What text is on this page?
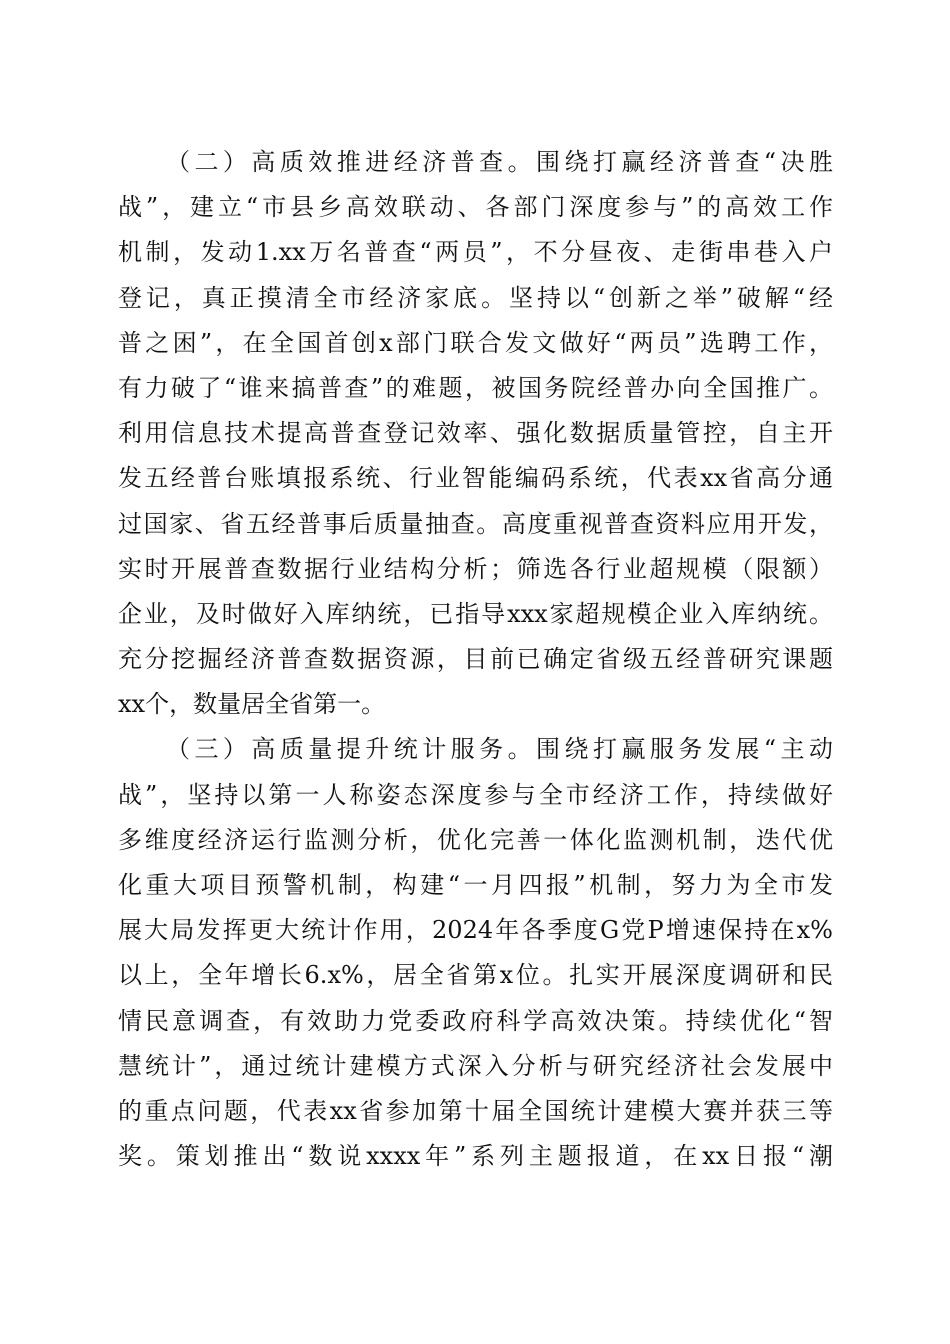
（二）高质效推进经济普查。围绕打赢经济普查“决胜
战”，建立“市县乡高效联动、各部门深度参与”的高效工作
机制，发动1.xx万名普查“两员”，不分昼夜、走街串巷入户
登记，真正摸清全市经济家底。坚持以“创新之举”破解“经
普之困”，在全国首创x部门联合发文做好“两员”选聘工作，
有力破了“谁来搞普查”的难题，被国务院经普办向全国推广。
利用信息技术提高普查登记效率、强化数据质量管控，自主开
发五经普台账填报系统、行业智能编码系统，代表xx省高分通
过国家、省五经普事后质量抽查。高度重视普查资料应用开发，
实时开展普查数据行业结构分析；筛选各行业超规模（限额）
企业，及时做好入库纳统，已指导xxx家超规模企业入库纳统。
充分挖掘经济普查数据资源，目前已确定省级五经普研究课题
xx个，数量居全省第一。
（三）高质量提升统计服务。围绕打赢服务发展“主动
战”，坚持以第一人称姿态深度参与全市经济工作，持续做好
多维度经济运行监测分析，优化完善一体化监测机制，迭代优
化重大项目预警机制，构建“一月四报”机制，努力为全市发
展大局发挥更大统计作用，2024年各季度G党P增速保持在x%
以上，全年增长6.x%，居全省第x位。扎实开展深度调研和民
情民意调查，有效助力党委政府科学高效决策。持续优化“智
慧统计”，通过统计建模方式深入分析与研究经济社会发展中
的重点问题，代表xx省参加第十届全国统计建模大赛并获三等
奖。策划推出“数说xxxx年”系列主题报道，在xx日报“潮
